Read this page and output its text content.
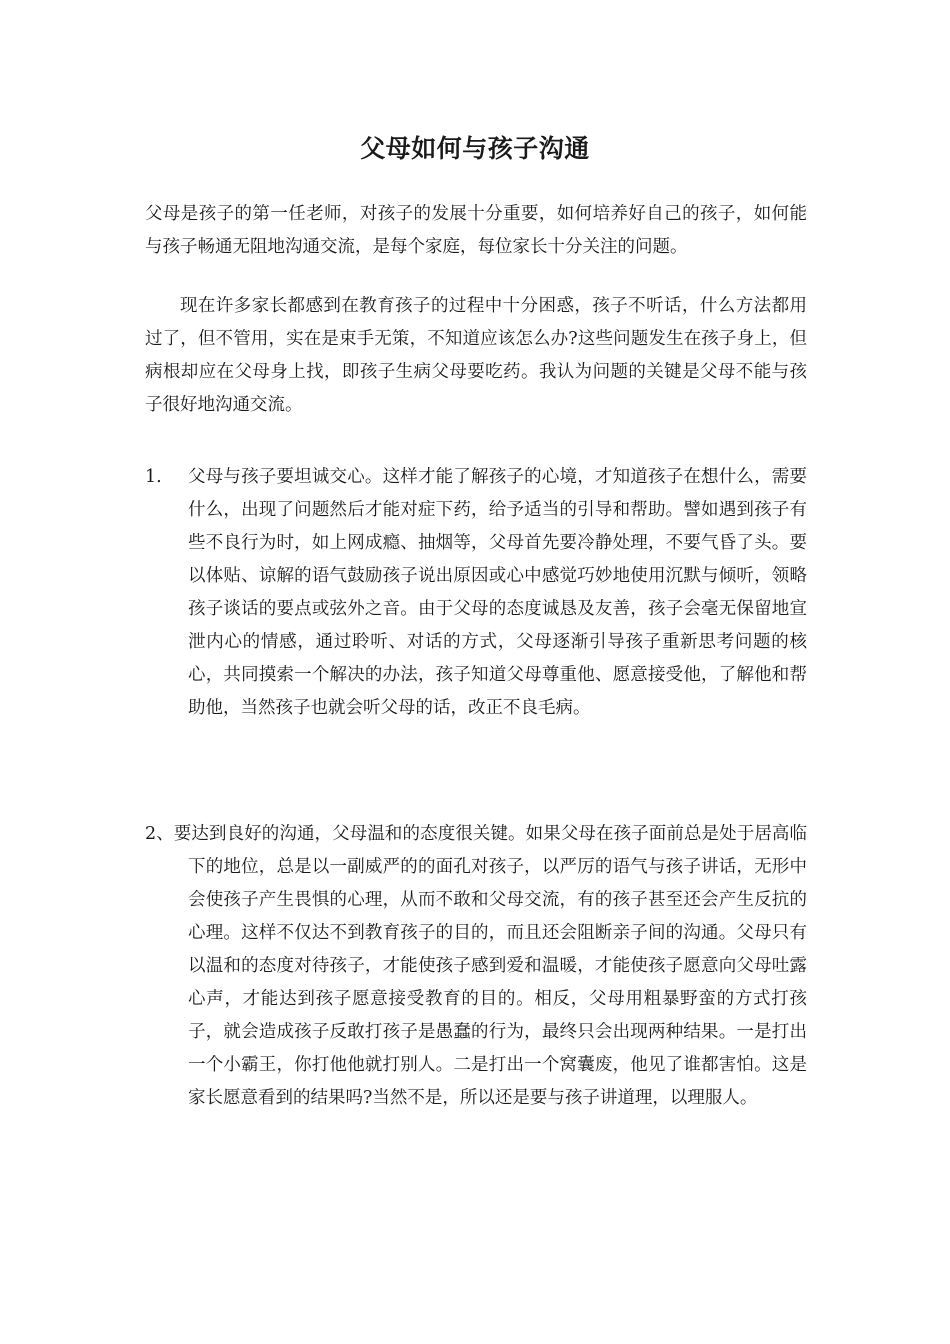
父母如何与孩子沟通

父母是孩子的第一任老师，对孩子的发展十分重要，如何培养好自己的孩子，如何能与孩子畅通无阻地沟通交流，是每个家庭，每位家长十分关注的问题。

现在许多家长都感到在教育孩子的过程中十分困惑，孩子不听话，什么方法都用过了，但不管用，实在是束手无策，不知道应该怎么办?这些问题发生在孩子身上，但病根却应在父母身上找，即孩子生病父母要吃药。我认为问题的关键是父母不能与孩子很好地沟通交流。

1. 父母与孩子要坦诚交心。这样才能了解孩子的心境，才知道孩子在想什么，需要什么，出现了问题然后才能对症下药，给予适当的引导和帮助。譬如遇到孩子有些不良行为时，如上网成瘾、抽烟等，父母首先要冷静处理，不要气昏了头。要以体贴、谅解的语气鼓励孩子说出原因或心中感觉巧妙地使用沉默与倾听，领略孩子谈话的要点或弦外之音。由于父母的态度诚恳及友善，孩子会毫无保留地宣泄内心的情感，通过聆听、对话的方式，父母逐渐引导孩子重新思考问题的核心，共同摸索一个解决的办法，孩子知道父母尊重他、愿意接受他，了解他和帮助他，当然孩子也就会听父母的话，改正不良毛病。

2、要达到良好的沟通，父母温和的态度很关键。如果父母在孩子面前总是处于居高临下的地位，总是以一副威严的的面孔对孩子，以严厉的语气与孩子讲话，无形中会使孩子产生畏惧的心理，从而不敢和父母交流，有的孩子甚至还会产生反抗的心理。这样不仅达不到教育孩子的目的，而且还会阻断亲子间的沟通。父母只有以温和的态度对待孩子，才能使孩子感到爱和温暖，才能使孩子愿意向父母吐露心声，才能达到孩子愿意接受教育的目的。相反，父母用粗暴野蛮的方式打孩子，就会造成孩子反敢打孩子是愚蠢的行为，最终只会出现两种结果。一是打出一个小霸王，你打他他就打别人。二是打出一个窝囊废，他见了谁都害怕。这是家长愿意看到的结果吗?当然不是，所以还是要与孩子讲道理，以理服人。
